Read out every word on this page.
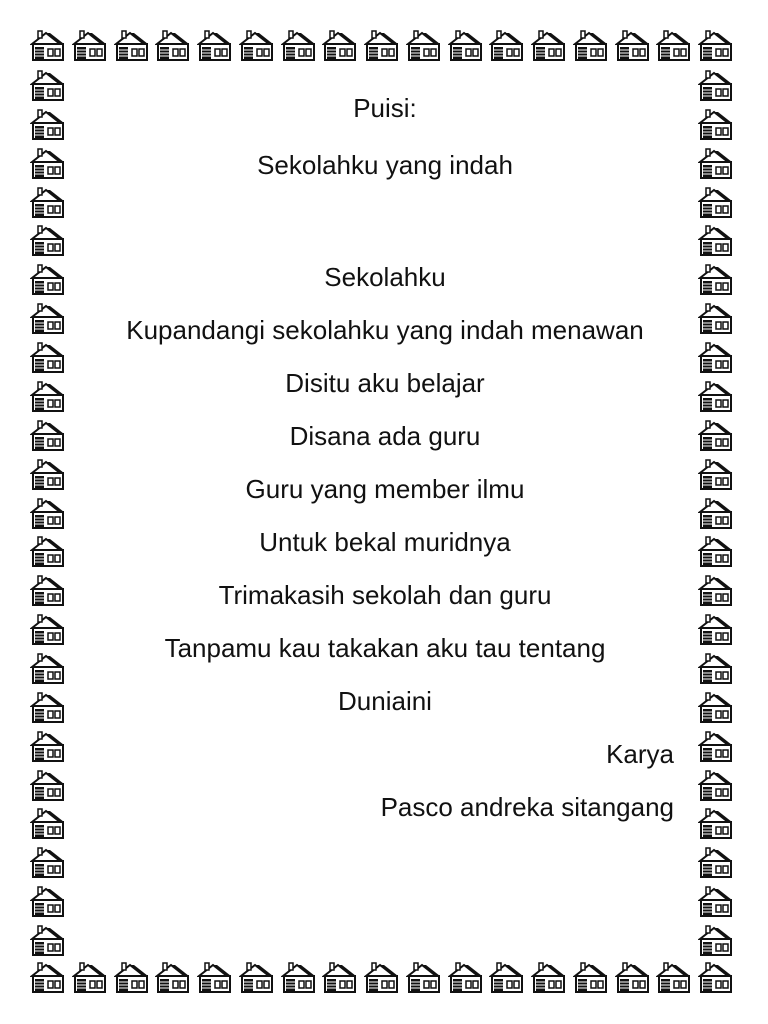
Puisi:
Sekolahku yang indah
Sekolahku
Kupandangi sekolahku yang indah menawan
Disitu aku belajar
Disana ada guru
Guru yang member ilmu
Untuk bekal muridnya
Trimakasih sekolah dan guru
Tanpamu kau takakan aku tau tentang
Duniaini
Karya
Pasco andreka sitangang
